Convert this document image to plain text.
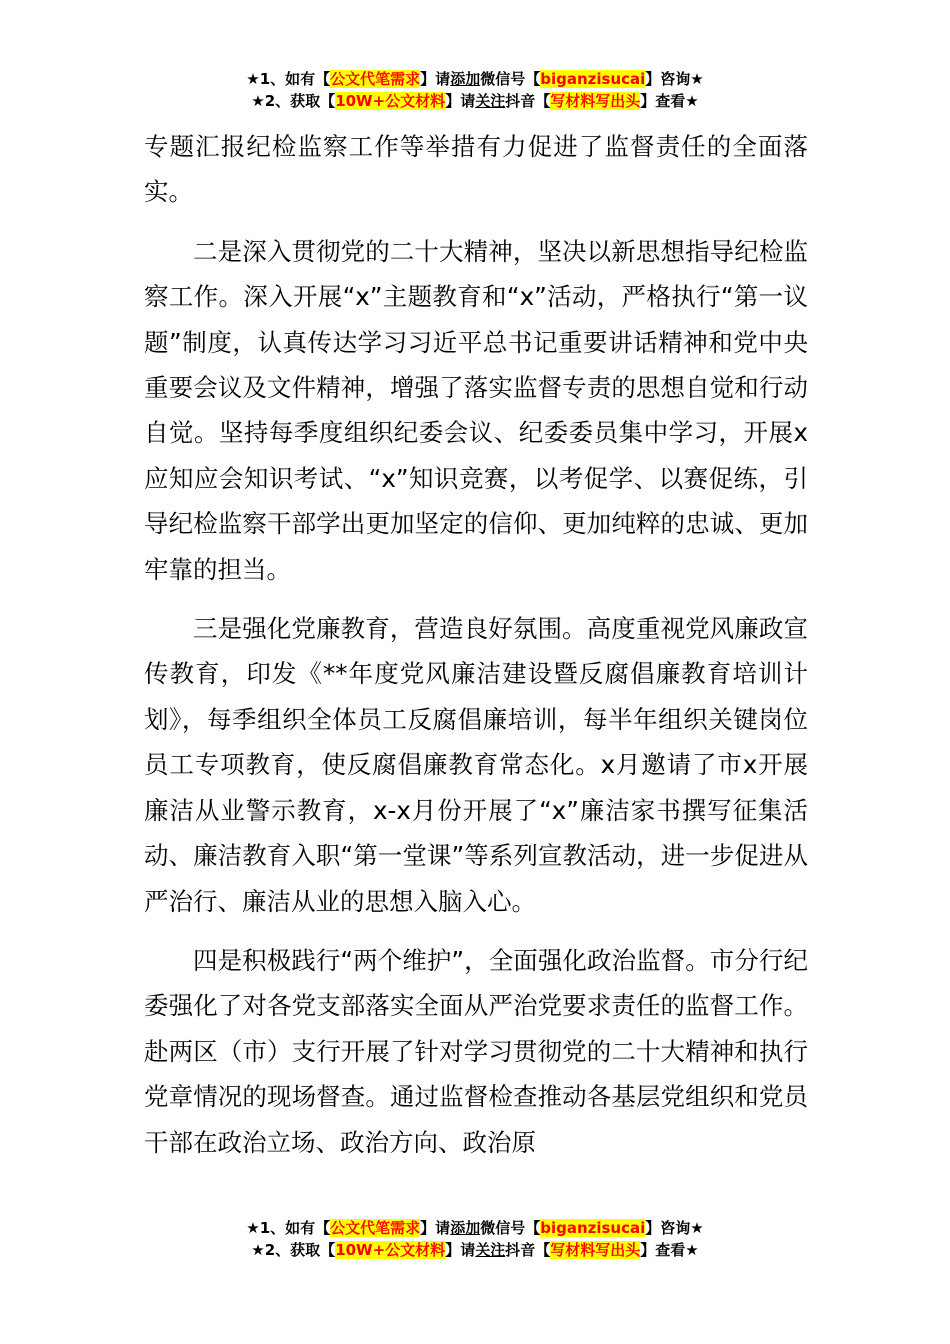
★1、如有【公文代笔需求】请添加微信号【biganzisucai】咨询★
★2、获取【10W+公文材料】请关注抖音【写材料写出头】查看★

专题汇报纪检监察工作等举措有力促进了监督责任的全面落实。

二是深入贯彻党的二十大精神，坚决以新思想指导纪检监察工作。深入开展“x”主题教育和“x”活动，严格执行“第一议题”制度，认真传达学习习近平总书记重要讲话精神和党中央重要会议及文件精神，增强了落实监督专责的思想自觉和行动自觉。坚持每季度组织纪委会议、纪委委员集中学习，开展x应知应会知识考试、“x”知识竞赛，以考促学、以赛促练，引导纪检监察干部学出更加坚定的信仰、更加纯粹的忠诚、更加牢靠的担当。

三是强化党廉教育，营造良好氛围。高度重视党风廉政宣传教育，印发《**年度党风廉洁建设暨反腐倡廉教育培训计划》，每季组织全体员工反腐倡廉培训，每半年组织关键岗位员工专项教育，使反腐倡廉教育常态化。x月邀请了市x开展廉洁从业警示教育，x-x月份开展了“x”廉洁家书撰写征集活动、廉洁教育入职“第一堂课”等系列宣教活动，进一步促进从严治行、廉洁从业的思想入脑入心。

四是积极践行“两个维护”，全面强化政治监督。市分行纪委强化了对各党支部落实全面从严治党要求责任的监督工作。赴两区（市）支行开展了针对学习贯彻党的二十大精神和执行党章情况的现场督查。通过监督检查推动各基层党组织和党员干部在政治立场、政治方向、政治原

★1、如有【公文代笔需求】请添加微信号【biganzisucai】咨询★
★2、获取【10W+公文材料】请关注抖音【写材料写出头】查看★
